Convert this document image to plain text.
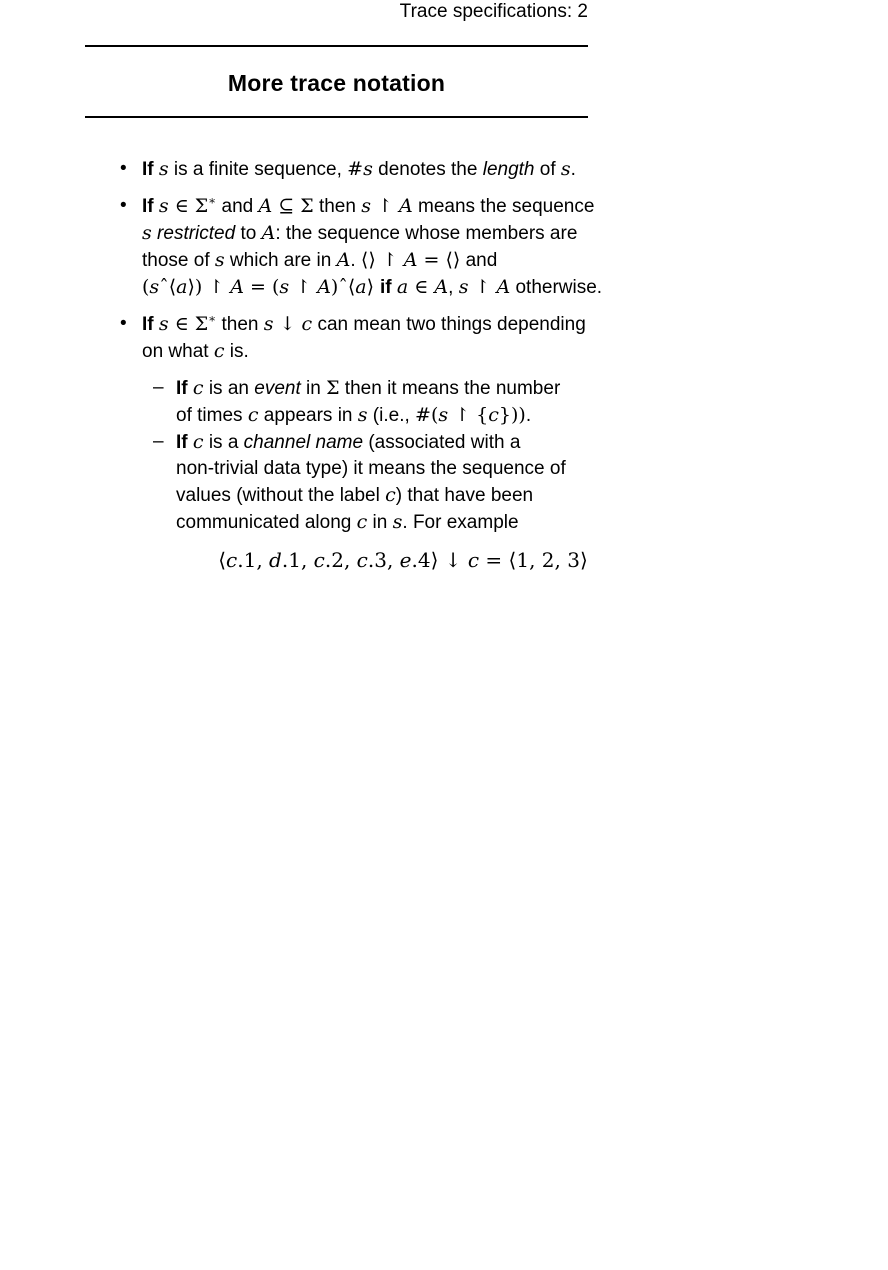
Trace specifications: 2
More trace notation
• If s is a finite sequence, #s denotes the length of s.
• If s ∈ Σ∗ and A ⊆ Σ then s ↾ A means the sequence
s restricted to A: the sequence whose members are
those of s which are in A. ⟨⟩ ↾ A = ⟨⟩ and
(sˆ⟨a⟩) ↾ A = (s ↾ A)ˆ⟨a⟩ if a ∈ A, s ↾ A otherwise.
• If s ∈ Σ∗ then s ↓ c can mean two things depending
on what c is.
– If c is an event in Σ then it means the number
of times c appears in s (i.e., #(s ↾ {c})).
– If c is a channel name (associated with a
non-trivial data type) it means the sequence of
values (without the label c) that have been
communicated along c in s. For example
⟨c.1, d.1, c.2, c.3, e.4⟩ ↓ c = ⟨1, 2, 3⟩
